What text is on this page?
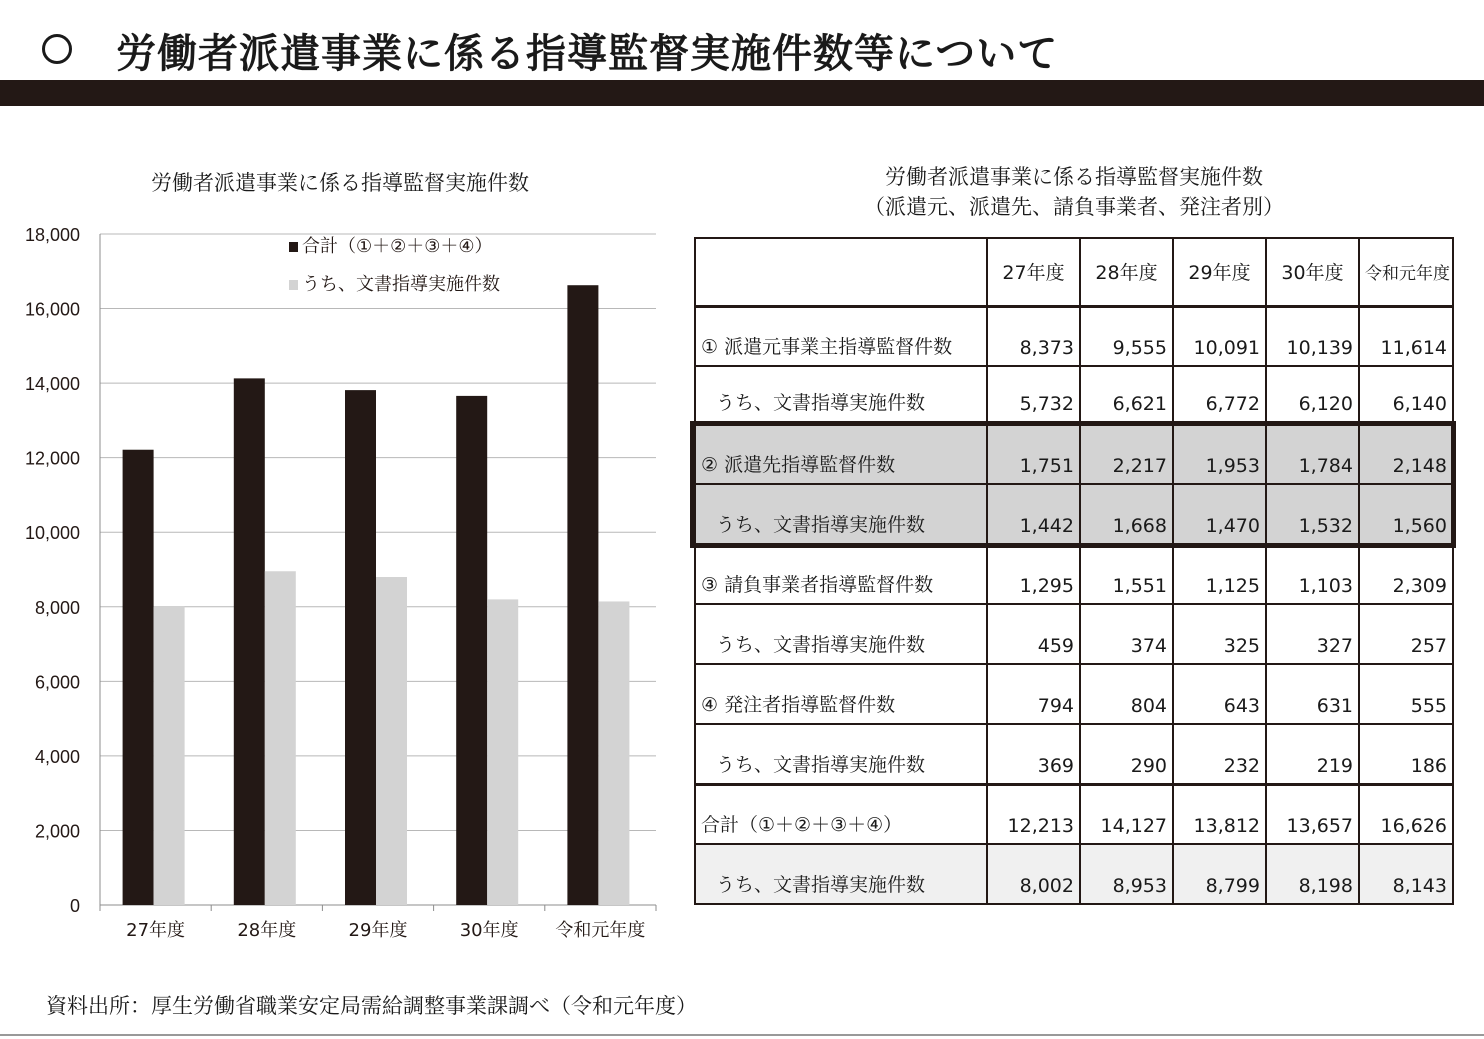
労働者派遣事業に係る指導監督実施件数等について
労働者派遣事業に係る指導監督実施件数
0
2,000
4,000
6,000
8,000
10,000
12,000
14,000
16,000
18,000
27年度	28年度	29年度	30年度 令和元年度
合計（①＋②＋③＋④）
うち、文書指導実施件数
労働者派遣事業に係る指導監督実施件数
（派遣元、派遣先、請負事業者、発注者別）
	27年度	28年度	29年度	30年度	令和元年度
① 派遣元事業主指導監督件数	8,373	9,555	10,091	10,139	11,614
うち、文書指導実施件数	5,732	6,621	6,772	6,120	6,140
② 派遣先指導監督件数	1,751	2,217	1,953	1,784	2,148
うち、文書指導実施件数	1,442	1,668	1,470	1,532	1,560
③ 請負事業者指導監督件数	1,295	1,551	1,125	1,103	2,309
うち、文書指導実施件数	459	374	325	327	257
④ 発注者指導監督件数	794	804	643	631	555
うち、文書指導実施件数	369	290	232	219	186
合計（①＋②＋③＋④）	12,213	14,127	13,812	13,657	16,626
うち、文書指導実施件数	8,002	8,953	8,799	8,198	8,143
資料出所：厚生労働省職業安定局需給調整事業課調べ（令和元年度）
